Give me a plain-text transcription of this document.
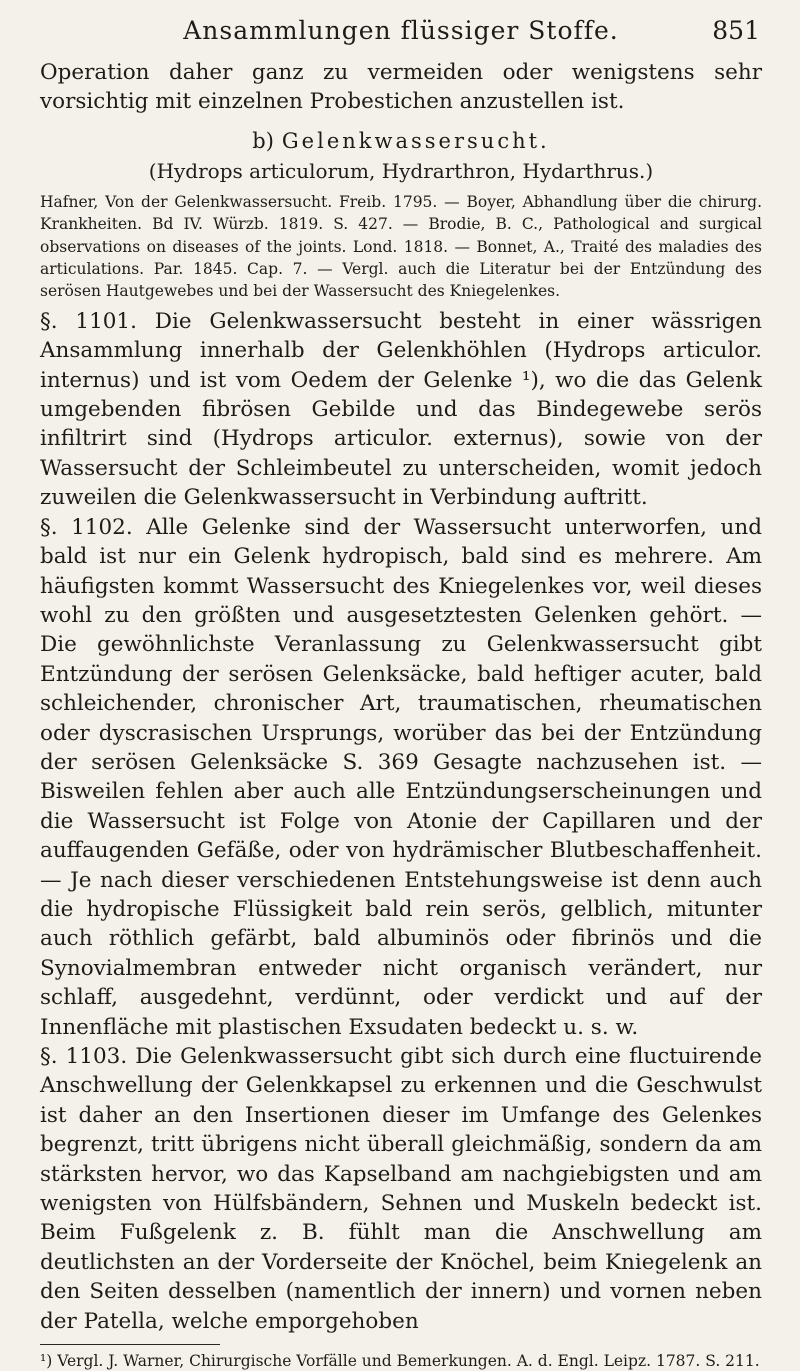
Ansammlungen flüssiger Stoffe.	851

Operation daher ganz zu vermeiden oder wenigstens sehr vorsichtig mit einzelnen Probestichen anzustellen ist.

b) Gelenkwassersucht.
(Hydrops articulorum, Hydrarthron, Hydarthrus.)

Hafner, Von der Gelenkwassersucht. Freib. 1795. — Boyer, Abhandlung über die chirurg. Krankheiten. Bd IV. Würzb. 1819. S. 427. — Brodie, B. C., Pathological and surgical observations on diseases of the joints. Lond. 1818. — Bonnet, A., Traité des maladies des articulations. Par. 1845. Cap. 7. — Vergl. auch die Literatur bei der Entzündung des serösen Hautgewebes und bei der Wassersucht des Kniegelenkes.

§. 1101. Die Gelenkwassersucht besteht in einer wässrigen Ansammlung innerhalb der Gelenkhöhlen (Hydrops articulor. internus) und ist vom Oedem der Gelenke ¹), wo die das Gelenk umgebenden fibrösen Gebilde und das Bindegewebe serös infiltrirt sind (Hydrops articulor. externus), sowie von der Wassersucht der Schleimbeutel zu unterscheiden, womit jedoch zuweilen die Gelenkwassersucht in Verbindung auftritt.

§. 1102. Alle Gelenke sind der Wassersucht unterworfen, und bald ist nur ein Gelenk hydropisch, bald sind es mehrere. Am häufigsten kommt Wassersucht des Kniegelenkes vor, weil dieses wohl zu den größten und ausgesetztesten Gelenken gehört. — Die gewöhnlichste Veranlassung zu Gelenkwassersucht gibt Entzündung der serösen Gelenksäcke, bald heftiger acuter, bald schleichender, chronischer Art, traumatischen, rheumatischen oder dyscrasischen Ursprungs, worüber das bei der Entzündung der serösen Gelenksäcke S. 369 Gesagte nachzusehen ist. — Bisweilen fehlen aber auch alle Entzündungserscheinungen und die Wassersucht ist Folge von Atonie der Capillaren und der auffaugenden Gefäße, oder von hydrämischer Blutbeschaffenheit. — Je nach dieser verschiedenen Entstehungsweise ist denn auch die hydropische Flüssigkeit bald rein serös, gelblich, mitunter auch röthlich gefärbt, bald albuminös oder fibrinös und die Synovialmembran entweder nicht organisch verändert, nur schlaff, ausgedehnt, verdünnt, oder verdickt und auf der Innenfläche mit plastischen Exsudaten bedeckt u. s. w.

§. 1103. Die Gelenkwassersucht gibt sich durch eine fluctuirende Anschwellung der Gelenkkapsel zu erkennen und die Geschwulst ist daher an den Insertionen dieser im Umfange des Gelenkes begrenzt, tritt übrigens nicht überall gleichmäßig, sondern da am stärksten hervor, wo das Kapselband am nachgiebigsten und am wenigsten von Hülfsbändern, Sehnen und Muskeln bedeckt ist. Beim Fußgelenk z. B. fühlt man die Anschwellung am deutlichsten an der Vorderseite der Knöchel, beim Kniegelenk an den Seiten desselben (namentlich der innern) und vornen neben der Patella, welche emporgehoben

¹) Vergl. J. Warner, Chirurgische Vorfälle und Bemerkungen. A. d. Engl. Leipz. 1787. S. 211.
